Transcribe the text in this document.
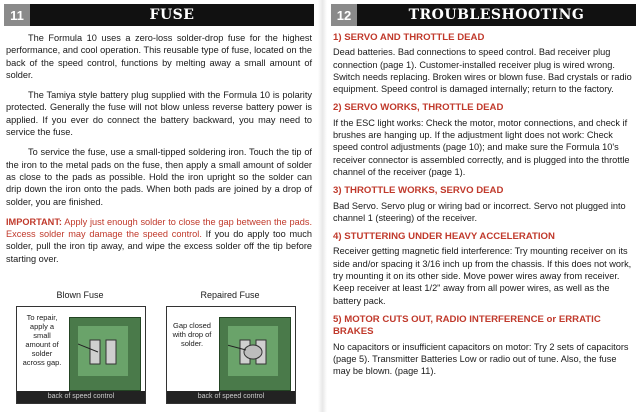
11	FUSE

The Formula 10 uses a zero-loss solder-drop fuse for the highest performance, and cool operation. This reusable type of fuse, located on the back of the speed control, functions by melting away a small amount of solder.

The Tamiya style battery plug supplied with the Formula 10 is polarity protected. Generally the fuse will not blow unless reverse battery power is applied. If you ever do connect the battery backward, you may need to service the fuse.

To service the fuse, use a small-tipped soldering iron. Touch the tip of the iron to the metal pads on the fuse, then apply a small amount of solder as close to the pads as possible. Hold the iron upright so the solder can drip down the iron onto the pads. When both pads are joined by a drop of solder, you are finished.

IMPORTANT: Apply just enough solder to close the gap between the pads. Excess solder may damage the speed control. If you do apply too much solder, pull the iron tip away, and wipe the excess solder off the tip before starting over.

Blown Fuse
To repair, apply a small amount of solder across gap.
back of speed control
Repaired Fuse
Gap closed with drop of solder.
back of speed control
12	TROUBLESHOOTING
1) SERVO AND THROTTLE DEAD

Dead batteries. Bad connections to speed control. Bad receiver plug connection (page 1). Customer-installed receiver plug is wired wrong. Switch needs replacing. Broken wires or blown fuse. Bad crystals or radio equipment. Speed control is damaged internally; return to the factory.

2) SERVO WORKS, THROTTLE DEAD

If the ESC light works: Check the motor, motor connections, and check if brushes are hanging up. If the adjustment light does not work: Check speed control adjustments (page 10); and make sure the Formula 10's receiver connector is assembled correctly, and is plugged into the throttle channel of the receiver (page 1).

3) THROTTLE WORKS, SERVO DEAD

Bad Servo. Servo plug or wiring bad or incorrect. Servo not plugged into channel 1 (steering) of the receiver.

4) STUTTERING UNDER HEAVY ACCELERATION

Receiver getting magnetic field interference: Try mounting receiver on its side and/or spacing it 3/16 inch up from the chassis. If this does not work, try mounting it on its other side. Move power wires away from receiver. Keep receiver at least 1/2" away from all power wires, as well as the battery pack.

5) MOTOR CUTS OUT, RADIO INTERFERENCE or ERRATIC BRAKES

No capacitors or insufficient capacitors on motor: Try 2 sets of capacitors (page 5). Transmitter Batteries Low or radio out of tune. Also, the fuse may be blown. (page 11).
